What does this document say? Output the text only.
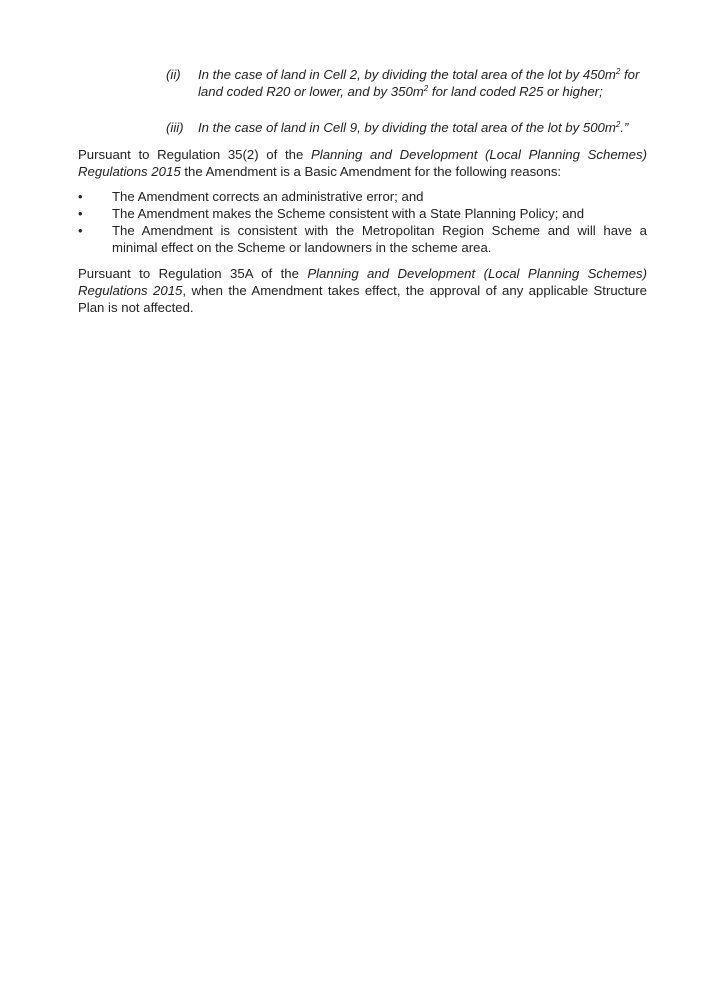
(ii)	In the case of land in Cell 2, by dividing the total area of the lot by $450m^2$ for land coded R20 or lower, and by $350m^2$ for land coded R25 or higher;
(iii)	In the case of land in Cell 9, by dividing the total area of the lot by $500m^2$.”

Pursuant to Regulation 35(2) of the Planning and Development (Local Planning Schemes) Regulations 2015 the Amendment is a Basic Amendment for the following reasons:

•	The Amendment corrects an administrative error; and
•	The Amendment makes the Scheme consistent with a State Planning Policy; and
•	The Amendment is consistent with the Metropolitan Region Scheme and will have a minimal effect on the Scheme or landowners in the scheme area.

Pursuant to Regulation 35A of the Planning and Development (Local Planning Schemes) Regulations 2015, when the Amendment takes effect, the approval of any applicable Structure Plan is not affected.
